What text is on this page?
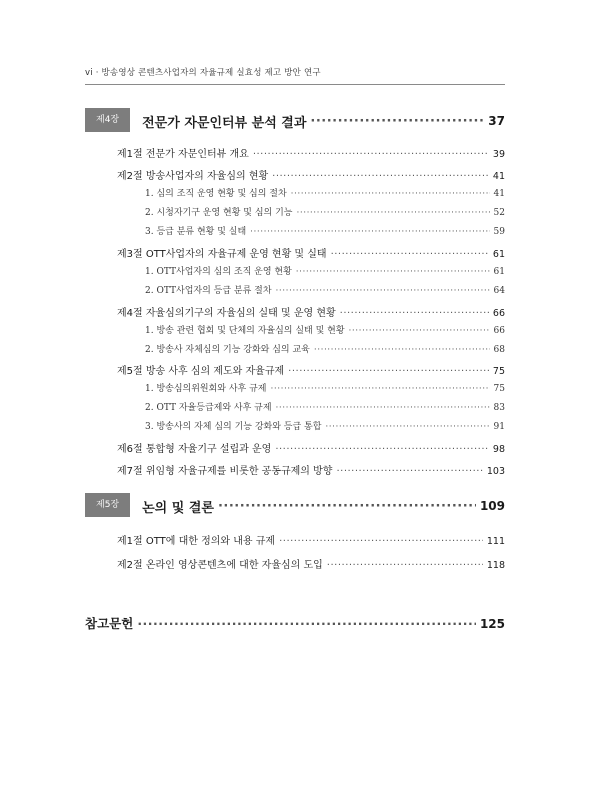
vi · 방송영상 콘텐츠사업자의 자율규제 실효성 제고 방안 연구
제4장	전문가 자문인터뷰 분석 결과 ·····	37
제1절 전문가 자문인터뷰 개요 ·····	39
제2절 방송사업자의 자율심의 현황 ·····	41
1. 심의 조직 운영 현황 및 심의 절차 ·····	41
2. 시청자기구 운영 현황 및 심의 기능 ·····	52
3. 등급 분류 현황 및 실태 ·····	59
제3절 OTT사업자의 자율규제 운영 현황 및 실태 ·····	61
1. OTT사업자의 심의 조직 운영 현황 ·····	61
2. OTT사업자의 등급 분류 절차 ·····	64
제4절 자율심의기구의 자율심의 실태 및 운영 현황 ·····	66
1. 방송 관련 협회 및 단체의 자율심의 실태 및 현황 ·····	66
2. 방송사 자체심의 기능 강화와 심의 교육 ·····	68
제5절 방송 사후 심의 제도와 자율규제 ·····	75
1. 방송심의위원회와 사후 규제 ·····	75
2. OTT 자율등급제와 사후 규제 ·····	83
3. 방송사의 자체 심의 기능 강화와 등급 통합 ·····	91
제6절 통합형 자율기구 설립과 운영 ·····	98
제7절 위임형 자율규제를 비롯한 공동규제의 방향 ·····	103
제5장	논의 및 결론 ·····	109
제1절 OTT에 대한 정의와 내용 규제 ·····	111
제2절 온라인 영상콘텐츠에 대한 자율심의 도입 ·····	118
참고문헌 ·····	125
